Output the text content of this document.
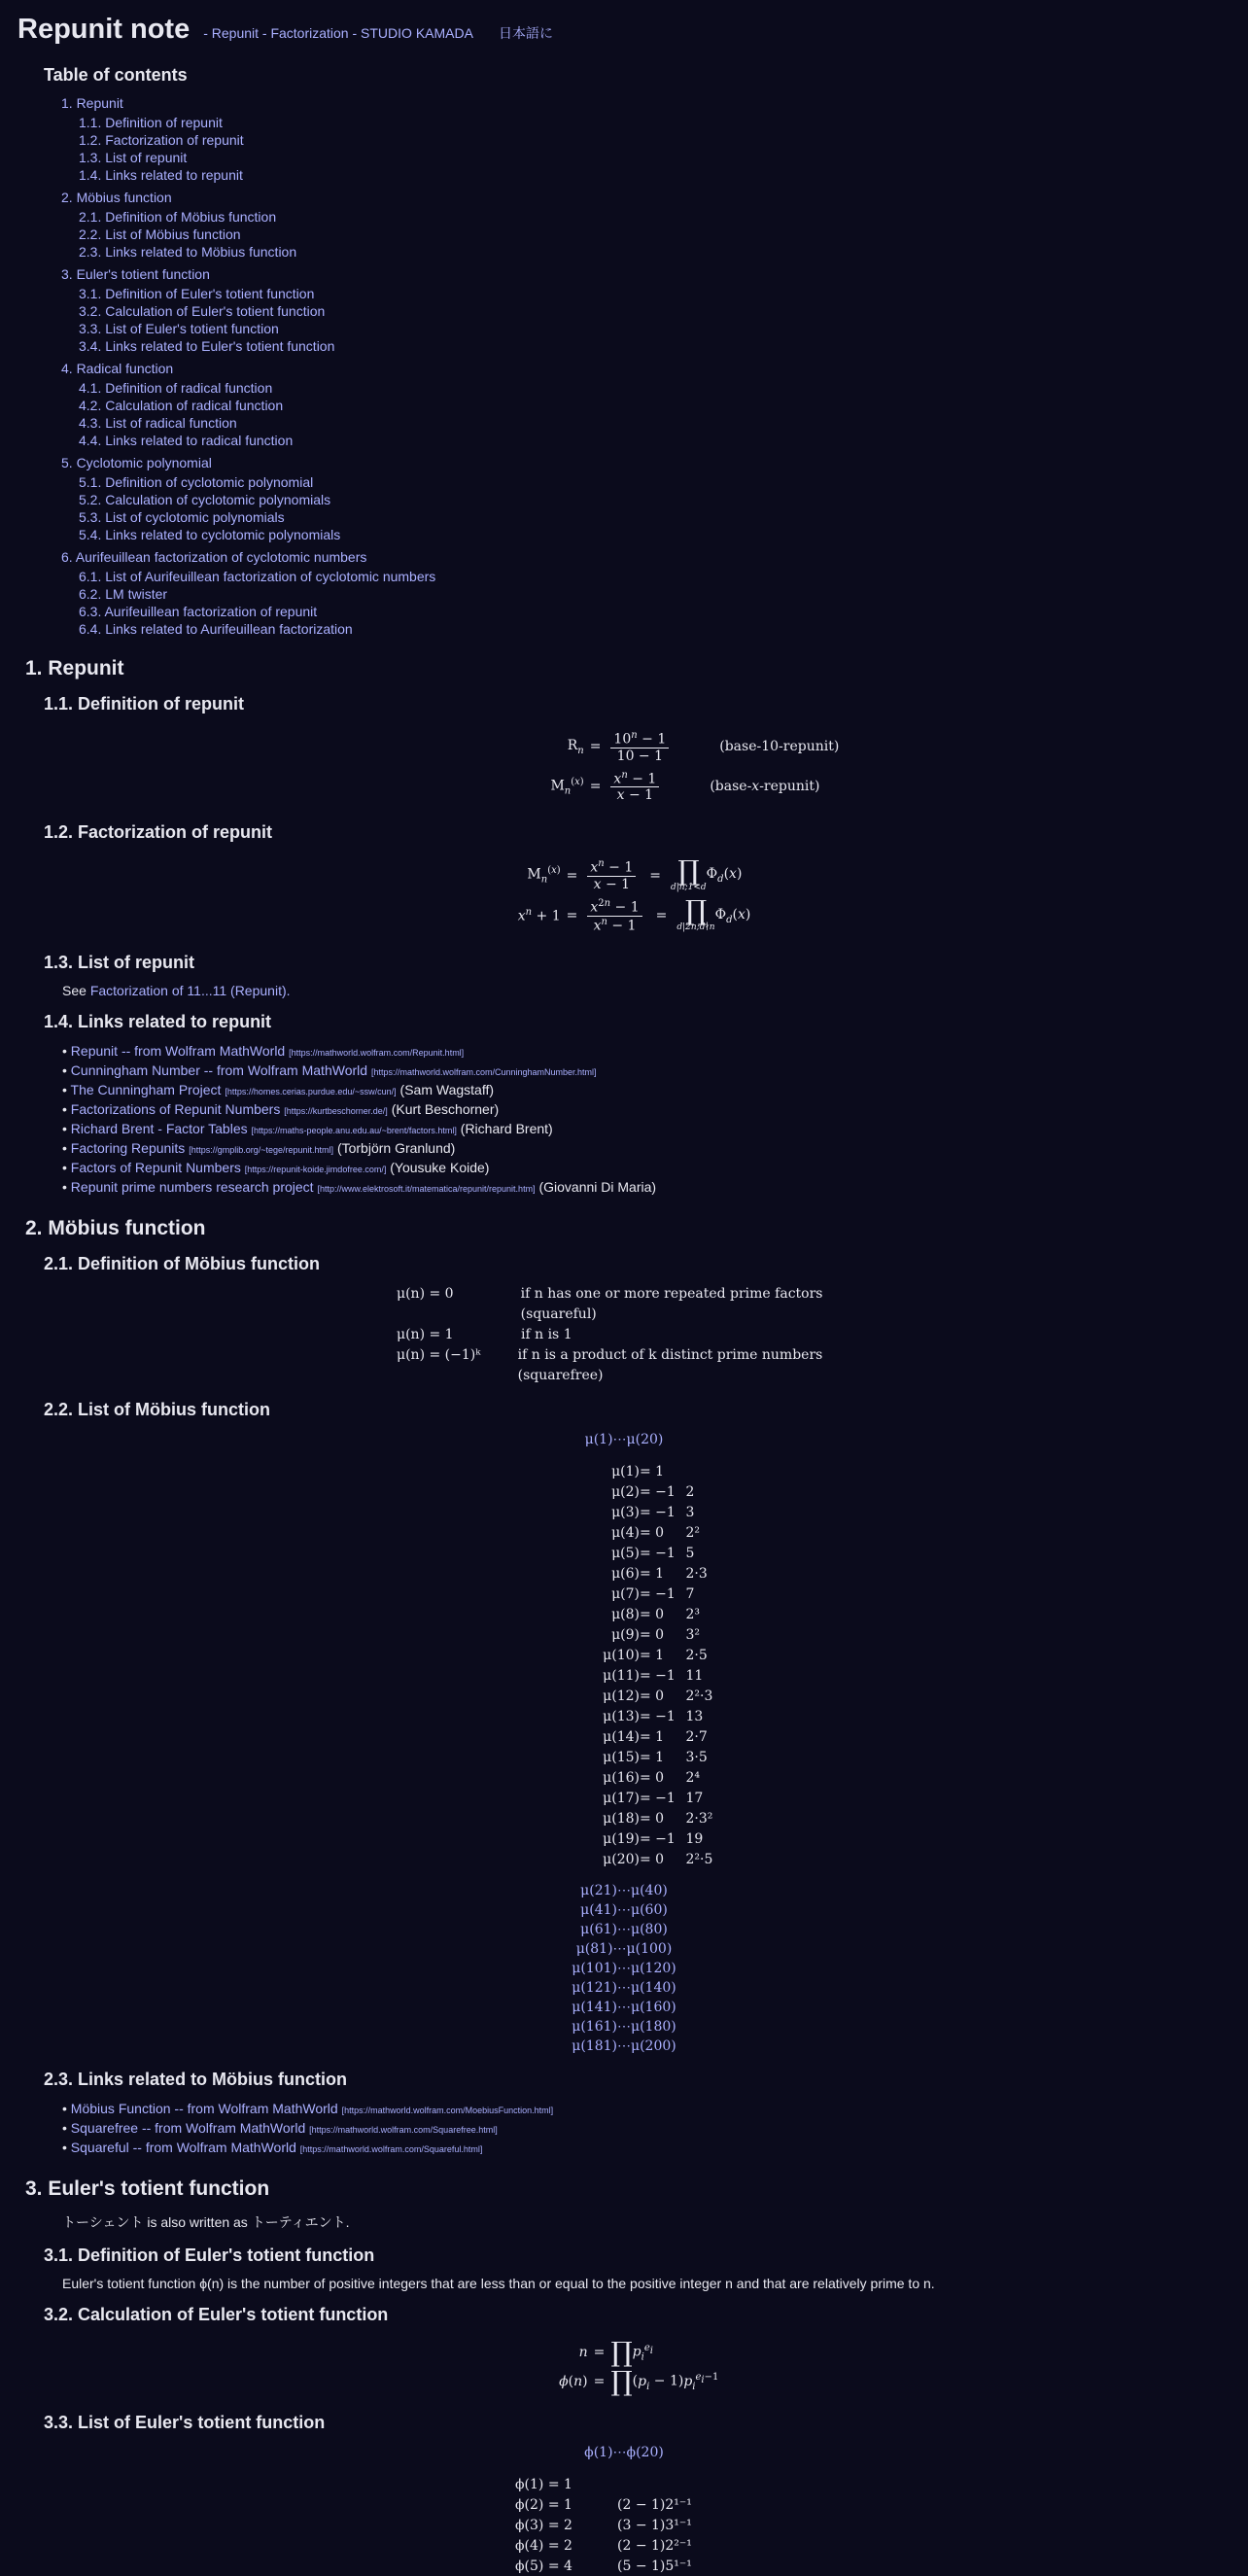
Repunit note - Repunit - Factorization - STUDIO KAMADA 日本語に
Table of contents
1. Repunit
1.1. Definition of repunit
1.2. Factorization of repunit
1.3. List of repunit
1.4. Links related to repunit
2. Möbius function
2.1. Definition of Möbius function
2.2. List of Möbius function
2.3. Links related to Möbius function
3. Euler's totient function
3.1. Definition of Euler's totient function
3.2. Calculation of Euler's totient function
3.3. List of Euler's totient function
3.4. Links related to Euler's totient function
4. Radical function
4.1. Definition of radical function
4.2. Calculation of radical function
4.3. List of radical function
4.4. Links related to radical function
5. Cyclotomic polynomial
5.1. Definition of cyclotomic polynomial
5.2. Calculation of cyclotomic polynomials
5.3. List of cyclotomic polynomials
5.4. Links related to cyclotomic polynomials
6. Aurifeuillean factorization of cyclotomic numbers
6.1. List of Aurifeuillean factorization of cyclotomic numbers
6.2. LM twister
6.3. Aurifeuillean factorization of repunit
6.4. Links related to Aurifeuillean factorization
1. Repunit
1.1. Definition of repunit
$R_n = \frac{10^n - 1}{10 - 1}$	(base-10-repunit)
$M_n^{(x)} = \frac{x^n - 1}{x - 1}$	(base-𝑥-repunit)
1.2. Factorization of repunit
$M_n^{(x)} = \frac{x^n - 1}{x - 1}$ = ∏
d|n;1<d
$\Phi_d(x)$
$x^n + 1 = \frac{x^{2n} - 1}{x^n - 1}$ = ∏
d|2n;d∤n
$\Phi_d(x)$
1.3. List of repunit
See Factorization of 11...11 (Repunit).
1.4. Links related to repunit
• Repunit -- from Wolfram MathWorld [https://mathworld.wolfram.com/Repunit.html]
• Cunningham Number -- from Wolfram MathWorld [https://mathworld.wolfram.com/CunninghamNumber.html]
• The Cunningham Project [https://homes.cerias.purdue.edu/~ssw/cun/] (Sam Wagstaff)
• Factorizations of Repunit Numbers [https://kurtbeschorner.de/] (Kurt Beschorner)
• Richard Brent - Factor Tables [https://maths-people.anu.edu.au/~brent/factors.html] (Richard Brent)
• Factoring Repunits [https://gmplib.org/~tege/repunit.html] (Torbjörn Granlund)
• Factors of Repunit Numbers [https://repunit-koide.jimdofree.com/] (Yousuke Koide)
• Repunit prime numbers research project [http://www.elektrosoft.it/matematica/repunit/repunit.htm] (Giovanni Di Maria)
2. Möbius function
2.1. Definition of Möbius function
μ(n) = 0	if n has one or more repeated prime factors (squareful)
μ(n) = 1	if n is 1
μ(n) = (−1)ᵏ	if n is a product of k distinct prime numbers (squarefree)
2.2. List of Möbius function
μ(1)⋯μ(20)
μ(1) = 1
μ(2) = −1 2
μ(3) = −1 3
μ(4) = 0	2²
μ(5) = −1 5
μ(6) = 1	2·3
μ(7) = −1 7
μ(8) = 0	2³
μ(9) = 0	3²
μ(10) = 1	2·5
μ(11) = −1 11
μ(12) = 0	2²·3
μ(13) = −1 13
μ(14) = 1	2·7
μ(15) = 1	3·5
μ(16) = 0	2⁴
μ(17) = −1 17
μ(18) = 0	2·3²
μ(19) = −1 19
μ(20) = 0	2²·5
μ(21)⋯μ(40)
μ(41)⋯μ(60)
μ(61)⋯μ(80)
μ(81)⋯μ(100)
μ(101)⋯μ(120)
μ(121)⋯μ(140)
μ(141)⋯μ(160)
μ(161)⋯μ(180)
μ(181)⋯μ(200)
2.3. Links related to Möbius function
• Möbius Function -- from Wolfram MathWorld [https://mathworld.wolfram.com/MoebiusFunction.html]
• Squarefree -- from Wolfram MathWorld [https://mathworld.wolfram.com/Squarefree.html]
• Squareful -- from Wolfram MathWorld [https://mathworld.wolfram.com/Squareful.html]
3. Euler's totient function
トーシェント is also written as トーティエント.
3.1. Definition of Euler's totient function
Euler's totient function ϕ(n) is the number of positive integers that are less than or equal to the positive integer n and that are relatively prime to n.
3.2. Calculation of Euler's totient function
n = ∏ $p_i^{e_i}$
ϕ(n) = ∏ $(p_i - 1)p_i^{e_i-1}$
3.3. List of Euler's totient function
ϕ(1)⋯ϕ(20)
ϕ(1) = 1
ϕ(2) = 1	(2 − 1)2¹⁻¹
ϕ(3) = 2	(3 − 1)3¹⁻¹
ϕ(4) = 2	(2 − 1)2²⁻¹
ϕ(5) = 4	(5 − 1)5¹⁻¹
